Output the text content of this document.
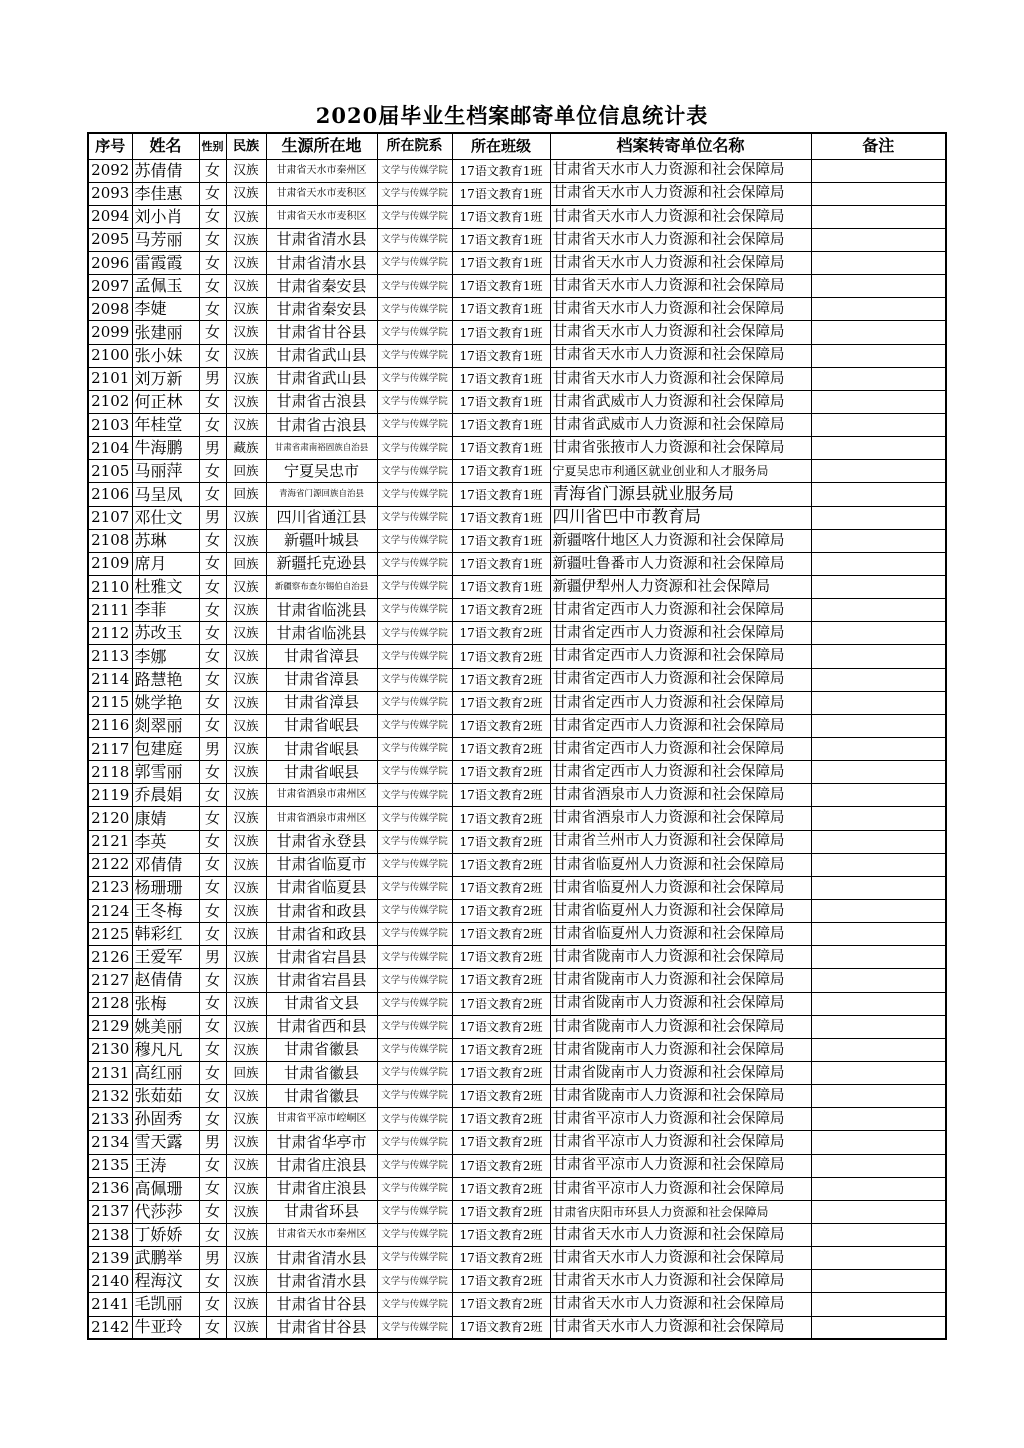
2020届毕业生档案邮寄单位信息统计表
序号	姓名	性别	民族	生源所在地	所在院系	所在班级	档案转寄单位名称	备注
2092	苏倩倩	女	汉族	甘肃省天水市秦州区	文学与传媒学院	17语文教育1班	甘肃省天水市人力资源和社会保障局	
2093	李佳惠	女	汉族	甘肃省天水市麦积区	文学与传媒学院	17语文教育1班	甘肃省天水市人力资源和社会保障局	
2094	刘小肖	女	汉族	甘肃省天水市麦积区	文学与传媒学院	17语文教育1班	甘肃省天水市人力资源和社会保障局	
2095	马芳丽	女	汉族	甘肃省清水县	文学与传媒学院	17语文教育1班	甘肃省天水市人力资源和社会保障局	
2096	雷霞霞	女	汉族	甘肃省清水县	文学与传媒学院	17语文教育1班	甘肃省天水市人力资源和社会保障局	
2097	孟佩玉	女	汉族	甘肃省秦安县	文学与传媒学院	17语文教育1班	甘肃省天水市人力资源和社会保障局	
2098	李婕	女	汉族	甘肃省秦安县	文学与传媒学院	17语文教育1班	甘肃省天水市人力资源和社会保障局	
2099	张建丽	女	汉族	甘肃省甘谷县	文学与传媒学院	17语文教育1班	甘肃省天水市人力资源和社会保障局	
2100	张小妹	女	汉族	甘肃省武山县	文学与传媒学院	17语文教育1班	甘肃省天水市人力资源和社会保障局	
2101	刘万新	男	汉族	甘肃省武山县	文学与传媒学院	17语文教育1班	甘肃省天水市人力资源和社会保障局	
2102	何正林	女	汉族	甘肃省古浪县	文学与传媒学院	17语文教育1班	甘肃省武威市人力资源和社会保障局	
2103	年桂堂	女	汉族	甘肃省古浪县	文学与传媒学院	17语文教育1班	甘肃省武威市人力资源和社会保障局	
2104	牛海鹏	男	藏族	甘肃省肃南裕固族自治县	文学与传媒学院	17语文教育1班	甘肃省张掖市人力资源和社会保障局	
2105	马丽萍	女	回族	宁夏吴忠市	文学与传媒学院	17语文教育1班	宁夏吴忠市利通区就业创业和人才服务局	
2106	马呈凤	女	回族	青海省门源回族自治县	文学与传媒学院	17语文教育1班	青海省门源县就业服务局	
2107	邓仕文	男	汉族	四川省通江县	文学与传媒学院	17语文教育1班	四川省巴中市教育局	
2108	苏琳	女	汉族	新疆叶城县	文学与传媒学院	17语文教育1班	新疆喀什地区人力资源和社会保障局	
2109	席月	女	回族	新疆托克逊县	文学与传媒学院	17语文教育1班	新疆吐鲁番市人力资源和社会保障局	
2110	杜雅文	女	汉族	新疆察布查尔锡伯自治县	文学与传媒学院	17语文教育1班	新疆伊犁州人力资源和社会保障局	
2111	李菲	女	汉族	甘肃省临洮县	文学与传媒学院	17语文教育2班	甘肃省定西市人力资源和社会保障局	
2112	苏改玉	女	汉族	甘肃省临洮县	文学与传媒学院	17语文教育2班	甘肃省定西市人力资源和社会保障局	
2113	李娜	女	汉族	甘肃省漳县	文学与传媒学院	17语文教育2班	甘肃省定西市人力资源和社会保障局	
2114	路慧艳	女	汉族	甘肃省漳县	文学与传媒学院	17语文教育2班	甘肃省定西市人力资源和社会保障局	
2115	姚学艳	女	汉族	甘肃省漳县	文学与传媒学院	17语文教育2班	甘肃省定西市人力资源和社会保障局	
2116	剡翠丽	女	汉族	甘肃省岷县	文学与传媒学院	17语文教育2班	甘肃省定西市人力资源和社会保障局	
2117	包建庭	男	汉族	甘肃省岷县	文学与传媒学院	17语文教育2班	甘肃省定西市人力资源和社会保障局	
2118	郭雪丽	女	汉族	甘肃省岷县	文学与传媒学院	17语文教育2班	甘肃省定西市人力资源和社会保障局	
2119	乔晨娟	女	汉族	甘肃省酒泉市肃州区	文学与传媒学院	17语文教育2班	甘肃省酒泉市人力资源和社会保障局	
2120	康婧	女	汉族	甘肃省酒泉市肃州区	文学与传媒学院	17语文教育2班	甘肃省酒泉市人力资源和社会保障局	
2121	李英	女	汉族	甘肃省永登县	文学与传媒学院	17语文教育2班	甘肃省兰州市人力资源和社会保障局	
2122	邓倩倩	女	汉族	甘肃省临夏市	文学与传媒学院	17语文教育2班	甘肃省临夏州人力资源和社会保障局	
2123	杨珊珊	女	汉族	甘肃省临夏县	文学与传媒学院	17语文教育2班	甘肃省临夏州人力资源和社会保障局	
2124	王冬梅	女	汉族	甘肃省和政县	文学与传媒学院	17语文教育2班	甘肃省临夏州人力资源和社会保障局	
2125	韩彩红	女	汉族	甘肃省和政县	文学与传媒学院	17语文教育2班	甘肃省临夏州人力资源和社会保障局	
2126	王爱军	男	汉族	甘肃省宕昌县	文学与传媒学院	17语文教育2班	甘肃省陇南市人力资源和社会保障局	
2127	赵倩倩	女	汉族	甘肃省宕昌县	文学与传媒学院	17语文教育2班	甘肃省陇南市人力资源和社会保障局	
2128	张梅	女	汉族	甘肃省文县	文学与传媒学院	17语文教育2班	甘肃省陇南市人力资源和社会保障局	
2129	姚美丽	女	汉族	甘肃省西和县	文学与传媒学院	17语文教育2班	甘肃省陇南市人力资源和社会保障局	
2130	穆凡凡	女	汉族	甘肃省徽县	文学与传媒学院	17语文教育2班	甘肃省陇南市人力资源和社会保障局	
2131	高红丽	女	回族	甘肃省徽县	文学与传媒学院	17语文教育2班	甘肃省陇南市人力资源和社会保障局	
2132	张茹茹	女	汉族	甘肃省徽县	文学与传媒学院	17语文教育2班	甘肃省陇南市人力资源和社会保障局	
2133	孙固秀	女	汉族	甘肃省平凉市崆峒区	文学与传媒学院	17语文教育2班	甘肃省平凉市人力资源和社会保障局	
2134	雪天露	男	汉族	甘肃省华亭市	文学与传媒学院	17语文教育2班	甘肃省平凉市人力资源和社会保障局	
2135	王涛	女	汉族	甘肃省庄浪县	文学与传媒学院	17语文教育2班	甘肃省平凉市人力资源和社会保障局	
2136	高佩珊	女	汉族	甘肃省庄浪县	文学与传媒学院	17语文教育2班	甘肃省平凉市人力资源和社会保障局	
2137	代莎莎	女	汉族	甘肃省环县	文学与传媒学院	17语文教育2班	甘肃省庆阳市环县人力资源和社会保障局	
2138	丁娇娇	女	汉族	甘肃省天水市秦州区	文学与传媒学院	17语文教育2班	甘肃省天水市人力资源和社会保障局	
2139	武鹏举	男	汉族	甘肃省清水县	文学与传媒学院	17语文教育2班	甘肃省天水市人力资源和社会保障局	
2140	程海汶	女	汉族	甘肃省清水县	文学与传媒学院	17语文教育2班	甘肃省天水市人力资源和社会保障局	
2141	毛凯丽	女	汉族	甘肃省甘谷县	文学与传媒学院	17语文教育2班	甘肃省天水市人力资源和社会保障局	
2142	牛亚玲	女	汉族	甘肃省甘谷县	文学与传媒学院	17语文教育2班	甘肃省天水市人力资源和社会保障局	
